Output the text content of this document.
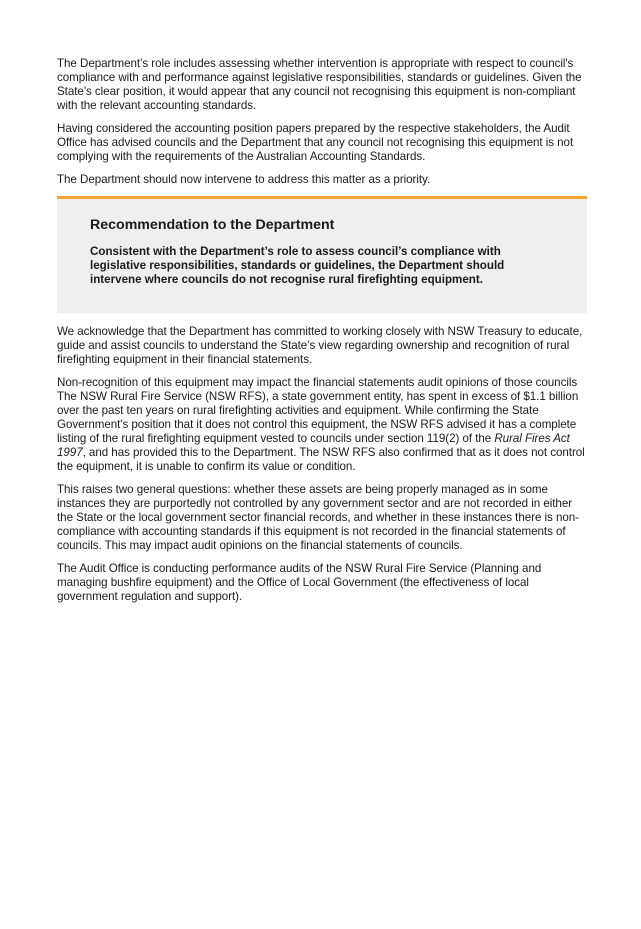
The Department’s role includes assessing whether intervention is appropriate with respect to council's compliance with and performance against legislative responsibilities, standards or guidelines. Given the State's clear position, it would appear that any council not recognising this equipment is non-compliant with the relevant accounting standards.

Having considered the accounting position papers prepared by the respective stakeholders, the Audit Office has advised councils and the Department that any council not recognising this equipment is not complying with the requirements of the Australian Accounting Standards.

The Department should now intervene to address this matter as a priority.

Recommendation to the Department

Consistent with the Department’s role to assess council’s compliance with legislative responsibilities, standards or guidelines, the Department should intervene where councils do not recognise rural firefighting equipment.

We acknowledge that the Department has committed to working closely with NSW Treasury to educate, guide and assist councils to understand the State’s view regarding ownership and recognition of rural firefighting equipment in their financial statements.

Non-recognition of this equipment may impact the financial statements audit opinions of those councils The NSW Rural Fire Service (NSW RFS), a state government entity, has spent in excess of $1.1 billion over the past ten years on rural firefighting activities and equipment. While confirming the State Government's position that it does not control this equipment, the NSW RFS advised it has a complete listing of the rural firefighting equipment vested to councils under section 119(2) of the Rural Fires Act 1997, and has provided this to the Department. The NSW RFS also confirmed that as it does not control the equipment, it is unable to confirm its value or condition.

This raises two general questions: whether these assets are being properly managed as in some instances they are purportedly not controlled by any government sector and are not recorded in either the State or the local government sector financial records, and whether in these instances there is non-compliance with accounting standards if this equipment is not recorded in the financial statements of councils. This may impact audit opinions on the financial statements of councils.

The Audit Office is conducting performance audits of the NSW Rural Fire Service (Planning and managing bushfire equipment) and the Office of Local Government (the effectiveness of local government regulation and support).
